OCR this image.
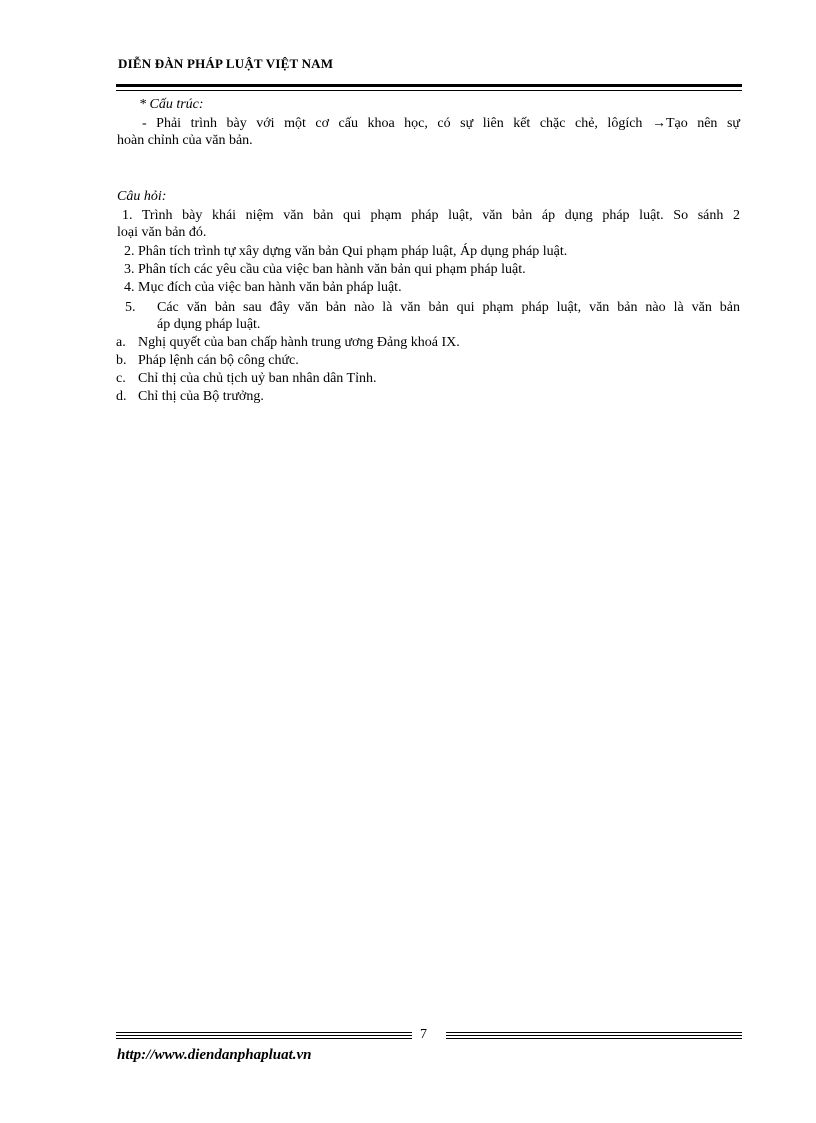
DIỄN ĐÀN PHÁP LUẬT VIỆT NAM
* Cấu trúc:
- Phải trình bày với một cơ cấu khoa học, có sự liên kết chặc chẻ, lôgích →Tạo nên sự
hoàn chỉnh của văn bản.
Câu hỏi:
1. Trình bày khái niệm văn bản qui phạm pháp luật, văn bản áp dụng pháp luật. So sánh 2
loại văn bản đó.
2. Phân tích trình tự xây dựng văn bản Qui phạm pháp luật, Áp dụng pháp luật.
3. Phân tích các yêu cầu của việc ban hành văn bản qui phạm pháp luật.
4. Mục đích của việc ban hành văn bản pháp luật.
5. Các văn bản sau đây văn bản nào là văn bản qui phạm pháp luật, văn bản nào là văn bản
áp dụng pháp luật.
a. Nghị quyết của ban chấp hành trung ương Đảng khoá IX.
b. Pháp lệnh cán bộ công chức.
c. Chỉ thị của chủ tịch uỷ ban nhân dân Tỉnh.
d. Chỉ thị của Bộ trưởng.
7
http://www.diendanphapluat.vn
